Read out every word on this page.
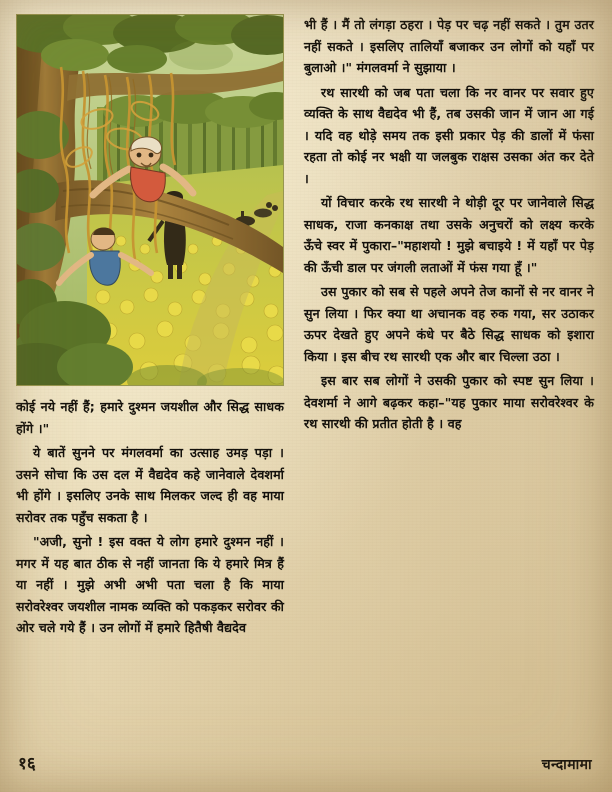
कोई नये नहीं हैं; हमारे दुश्मन जयशील और सिद्ध साधक होंगे ।"

ये बातें सुनने पर मंगलवर्मा का उत्साह उमड़ पड़ा । उसने सोचा कि उस दल में वैद्यदेव कहे जानेवाले देवशर्मा भी होंगे । इसलिए उनके साथ मिलकर जल्द ही वह माया सरोवर तक पहुँच सकता है ।

"अजी, सुनो ! इस वक्त ये लोग हमारे दुश्मन नहीं । मगर में यह बात ठीक से नहीं जानता कि ये हमारे मित्र हैं या नहीं । मुझे अभी अभी पता चला है कि माया सरोवरेश्वर जयशील नामक व्यक्ति को पकड़कर सरोवर की ओर चले गये हैं । उन लोगों में हमारे हितैषी वैद्यदेव

भी हैं । मैं तो लंगड़ा ठहरा । पेड़ पर चढ़ नहीं सकते । तुम उतर नहीं सकते । इसलिए तालियाँ बजाकर उन लोगों को यहाँ पर बुलाओ ।" मंगलवर्मा ने सुझाया ।

रथ सारथी को जब पता चला कि नर वानर पर सवार हुए व्यक्ति के साथ वैद्यदेव भी हैं, तब उसकी जान में जान आ गई । यदि वह थोड़े समय तक इसी प्रकार पेड़ की डालों में फंसा रहता तो कोई नर भक्षी या जलबुक राक्षस उसका अंत कर देते ।

यों विचार करके रथ सारथी ने थोड़ी दूर पर जानेवाले सिद्ध साधक, राजा कनकाक्ष तथा उसके अनुचरों को लक्ष्य करके ऊँचे स्वर में पुकारा–"महाशयो ! मुझे बचाइये ! में यहाँ पर पेड़ की ऊँची डाल पर जंगली लताओं में फंस गया हूँ ।"

उस पुकार को सब से पहले अपने तेज कानों से नर वानर ने सुन लिया । फिर क्या था अचानक वह रुक गया, सर उठाकर ऊपर देखते हुए अपने कंधे पर बैठे सिद्ध साधक को इशारा किया । इस बीच रथ सारथी एक और बार चिल्ला उठा ।

इस बार सब लोगों ने उसकी पुकार को स्पष्ट सुन लिया । देवशर्मा ने आगे बढ़कर कहा–"यह पुकार माया सरोवरेश्वर के रथ सारथी की प्रतीत होती है । वह

१६	चन्दामामा
